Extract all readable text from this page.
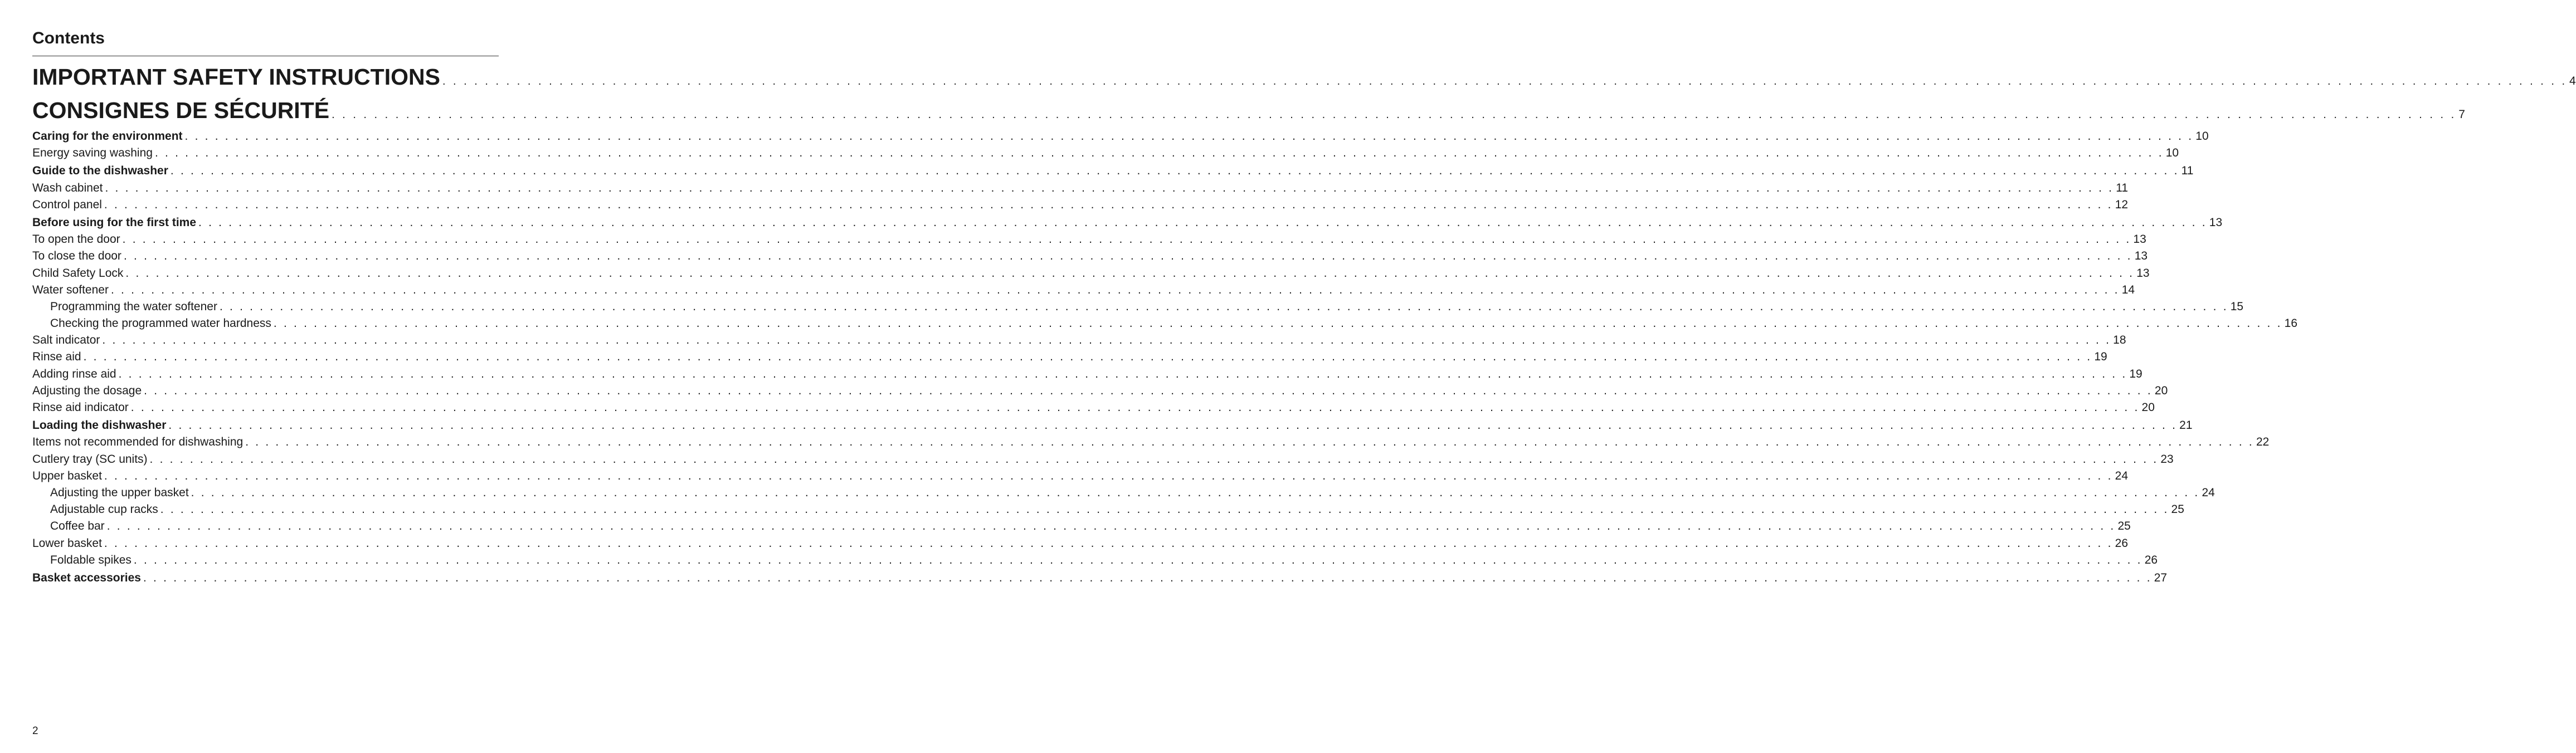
Contents
IMPORTANT SAFETY INSTRUCTIONS . . . . . . . . . . . . . . . . . . . . . . . . . . . . . . . . . . . . . . . . . . . . . . . . . . . . . . . . . . . . . . . . . . . . . . . . . . . . . . . . . . . . . . . . . . . . . . . . . . . . . . . . . . . . . . . . . . . . . . . . . . . . . . . . . . . . . . . . . . . . . . . . . . . . . . . . . . . . . . . . . . . . . . . . . . . . . . . . . . . . . . . . . . . . . . . . . . . . . . . . 4
CONSIGNES DE SÉCURITÉ . . . . . . . . . . . . . . . . . . . . . . . . . . . . . . . . . . . . . . . . . . . . . . . . . . . . . . . . . . . . . . . . . . . . . . . . . . . . . . . . . . . . . . . . . . . . . . . . . . . . . . . . . . . . . . . . . . . . . . . . . . . . . . . . . . . . . . . . . . . . . . . . . . . . . . . . . . . . . . . . . . . . . . . . . . . . . . . . . . . . . . . . . . . . . . . . . . . . . . . . 7
Caring for the environment . . . . . . . . . . . . . . . . . . . . . . . . . . . . . . . . . . . . . . . . . . . . . . . . . . . . . . . . . . . . . . . . . . . . . . . . . . . . . . . . . . . . . . . . . . . . . . . . . . . . . . . . . . . . . . . . . . . . . . . . . . . . . . . . . . . . . . . . . . . . . . . . . . . . . . . . . . . . . . . . . . . . . . . . . . . . . . . . . . . . . . . . . . . . . . . . . . . . . . . . 10
Energy saving washing . . . . . . . . . . . . . . . . . . . . . . . . . . . . . . . . . . . . . . . . . . . . . . . . . . . . . . . . . . . . . . . . . . . . . . . . . . . . . . . . . . . . . . . . . . . . . . . . . . . . . . . . . . . . . . . . . . . . . . . . . . . . . . . . . . . . . . . . . . . . . . . . . . . . . . . . . . . . . . . . . . . . . . . . . . . . . . . . . . . . . . . . . . . . . . . . . . . . . . . . 10
Guide to the dishwasher . . . . . . . . . . . . . . . . . . . . . . . . . . . . . . . . . . . . . . . . . . . . . . . . . . . . . . . . . . . . . . . . . . . . . . . . . . . . . . . . . . . . . . . . . . . . . . . . . . . . . . . . . . . . . . . . . . . . . . . . . . . . . . . . . . . . . . . . . . . . . . . . . . . . . . . . . . . . . . . . . . . . . . . . . . . . . . . . . . . . . . . . . . . . . . . . . . . . . . . . 11
Wash cabinet . . . . . . . . . . . . . . . . . . . . . . . . . . . . . . . . . . . . . . . . . . . . . . . . . . . . . . . . . . . . . . . . . . . . . . . . . . . . . . . . . . . . . . . . . . . . . . . . . . . . . . . . . . . . . . . . . . . . . . . . . . . . . . . . . . . . . . . . . . . . . . . . . . . . . . . . . . . . . . . . . . . . . . . . . . . . . . . . . . . . . . . . . . . . . . . . . . . . . . . . 11
Control panel . . . . . . . . . . . . . . . . . . . . . . . . . . . . . . . . . . . . . . . . . . . . . . . . . . . . . . . . . . . . . . . . . . . . . . . . . . . . . . . . . . . . . . . . . . . . . . . . . . . . . . . . . . . . . . . . . . . . . . . . . . . . . . . . . . . . . . . . . . . . . . . . . . . . . . . . . . . . . . . . . . . . . . . . . . . . . . . . . . . . . . . . . . . . . . . . . . . . . . . . 12
Before using for the first time . . . . . . . . . . . . . . . . . . . . . . . . . . . . . . . . . . . . . . . . . . . . . . . . . . . . . . . . . . . . . . . . . . . . . . . . . . . . . . . . . . . . . . . . . . . . . . . . . . . . . . . . . . . . . . . . . . . . . . . . . . . . . . . . . . . . . . . . . . . . . . . . . . . . . . . . . . . . . . . . . . . . . . . . . . . . . . . . . . . . . . . . . . . . . . . . . . . . . . . . 13
To open the door . . . . . . . . . . . . . . . . . . . . . . . . . . . . . . . . . . . . . . . . . . . . . . . . . . . . . . . . . . . . . . . . . . . . . . . . . . . . . . . . . . . . . . . . . . . . . . . . . . . . . . . . . . . . . . . . . . . . . . . . . . . . . . . . . . . . . . . . . . . . . . . . . . . . . . . . . . . . . . . . . . . . . . . . . . . . . . . . . . . . . . . . . . . . . . . . . . . . . . . . 13
To close the door . . . . . . . . . . . . . . . . . . . . . . . . . . . . . . . . . . . . . . . . . . . . . . . . . . . . . . . . . . . . . . . . . . . . . . . . . . . . . . . . . . . . . . . . . . . . . . . . . . . . . . . . . . . . . . . . . . . . . . . . . . . . . . . . . . . . . . . . . . . . . . . . . . . . . . . . . . . . . . . . . . . . . . . . . . . . . . . . . . . . . . . . . . . . . . . . . . . . . . . . 13
Child Safety Lock . . . . . . . . . . . . . . . . . . . . . . . . . . . . . . . . . . . . . . . . . . . . . . . . . . . . . . . . . . . . . . . . . . . . . . . . . . . . . . . . . . . . . . . . . . . . . . . . . . . . . . . . . . . . . . . . . . . . . . . . . . . . . . . . . . . . . . . . . . . . . . . . . . . . . . . . . . . . . . . . . . . . . . . . . . . . . . . . . . . . . . . . . . . . . . . . . . . . . . . . 13
Water softener . . . . . . . . . . . . . . . . . . . . . . . . . . . . . . . . . . . . . . . . . . . . . . . . . . . . . . . . . . . . . . . . . . . . . . . . . . . . . . . . . . . . . . . . . . . . . . . . . . . . . . . . . . . . . . . . . . . . . . . . . . . . . . . . . . . . . . . . . . . . . . . . . . . . . . . . . . . . . . . . . . . . . . . . . . . . . . . . . . . . . . . . . . . . . . . . . . . . . . . . 14
Programming the water softener . . . . . . . . . . . . . . . . . . . . . . . . . . . . . . . . . . . . . . . . . . . . . . . . . . . . . . . . . . . . . . . . . . . . . . . . . . . . . . . . . . . . . . . . . . . . . . . . . . . . . . . . . . . . . . . . . . . . . . . . . . . . . . . . . . . . . . . . . . . . . . . . . . . . . . . . . . . . . . . . . . . . . . . . . . . . . . . . . . . . . . . . . . . . . . . . . . . . . . . . 15
Checking the programmed water hardness . . . . . . . . . . . . . . . . . . . . . . . . . . . . . . . . . . . . . . . . . . . . . . . . . . . . . . . . . . . . . . . . . . . . . . . . . . . . . . . . . . . . . . . . . . . . . . . . . . . . . . . . . . . . . . . . . . . . . . . . . . . . . . . . . . . . . . . . . . . . . . . . . . . . . . . . . . . . . . . . . . . . . . . . . . . . . . . . . . . . . . . . . . . . . . . . . . . . . . . . 16
Salt indicator . . . . . . . . . . . . . . . . . . . . . . . . . . . . . . . . . . . . . . . . . . . . . . . . . . . . . . . . . . . . . . . . . . . . . . . . . . . . . . . . . . . . . . . . . . . . . . . . . . . . . . . . . . . . . . . . . . . . . . . . . . . . . . . . . . . . . . . . . . . . . . . . . . . . . . . . . . . . . . . . . . . . . . . . . . . . . . . . . . . . . . . . . . . . . . . . . . . . . . . . 18
Rinse aid . . . . . . . . . . . . . . . . . . . . . . . . . . . . . . . . . . . . . . . . . . . . . . . . . . . . . . . . . . . . . . . . . . . . . . . . . . . . . . . . . . . . . . . . . . . . . . . . . . . . . . . . . . . . . . . . . . . . . . . . . . . . . . . . . . . . . . . . . . . . . . . . . . . . . . . . . . . . . . . . . . . . . . . . . . . . . . . . . . . . . . . . . . . . . . . . . . . . . . . . 19
Adding rinse aid . . . . . . . . . . . . . . . . . . . . . . . . . . . . . . . . . . . . . . . . . . . . . . . . . . . . . . . . . . . . . . . . . . . . . . . . . . . . . . . . . . . . . . . . . . . . . . . . . . . . . . . . . . . . . . . . . . . . . . . . . . . . . . . . . . . . . . . . . . . . . . . . . . . . . . . . . . . . . . . . . . . . . . . . . . . . . . . . . . . . . . . . . . . . . . . . . . . . . . . . 19
Adjusting the dosage . . . . . . . . . . . . . . . . . . . . . . . . . . . . . . . . . . . . . . . . . . . . . . . . . . . . . . . . . . . . . . . . . . . . . . . . . . . . . . . . . . . . . . . . . . . . . . . . . . . . . . . . . . . . . . . . . . . . . . . . . . . . . . . . . . . . . . . . . . . . . . . . . . . . . . . . . . . . . . . . . . . . . . . . . . . . . . . . . . . . . . . . . . . . . . . . . . . . . . . . 20
Rinse aid indicator . . . . . . . . . . . . . . . . . . . . . . . . . . . . . . . . . . . . . . . . . . . . . . . . . . . . . . . . . . . . . . . . . . . . . . . . . . . . . . . . . . . . . . . . . . . . . . . . . . . . . . . . . . . . . . . . . . . . . . . . . . . . . . . . . . . . . . . . . . . . . . . . . . . . . . . . . . . . . . . . . . . . . . . . . . . . . . . . . . . . . . . . . . . . . . . . . . . . . . . . 20
Loading the dishwasher . . . . . . . . . . . . . . . . . . . . . . . . . . . . . . . . . . . . . . . . . . . . . . . . . . . . . . . . . . . . . . . . . . . . . . . . . . . . . . . . . . . . . . . . . . . . . . . . . . . . . . . . . . . . . . . . . . . . . . . . . . . . . . . . . . . . . . . . . . . . . . . . . . . . . . . . . . . . . . . . . . . . . . . . . . . . . . . . . . . . . . . . . . . . . . . . . . . . . . . . 21
Items not recommended for dishwashing . . . . . . . . . . . . . . . . . . . . . . . . . . . . . . . . . . . . . . . . . . . . . . . . . . . . . . . . . . . . . . . . . . . . . . . . . . . . . . . . . . . . . . . . . . . . . . . . . . . . . . . . . . . . . . . . . . . . . . . . . . . . . . . . . . . . . . . . . . . . . . . . . . . . . . . . . . . . . . . . . . . . . . . . . . . . . . . . . . . . . . . . . . . . . . . . . . . . . . . . 22
Cutlery tray (SC units) . . . . . . . . . . . . . . . . . . . . . . . . . . . . . . . . . . . . . . . . . . . . . . . . . . . . . . . . . . . . . . . . . . . . . . . . . . . . . . . . . . . . . . . . . . . . . . . . . . . . . . . . . . . . . . . . . . . . . . . . . . . . . . . . . . . . . . . . . . . . . . . . . . . . . . . . . . . . . . . . . . . . . . . . . . . . . . . . . . . . . . . . . . . . . . . . . . . . . . . . 23
Upper basket . . . . . . . . . . . . . . . . . . . . . . . . . . . . . . . . . . . . . . . . . . . . . . . . . . . . . . . . . . . . . . . . . . . . . . . . . . . . . . . . . . . . . . . . . . . . . . . . . . . . . . . . . . . . . . . . . . . . . . . . . . . . . . . . . . . . . . . . . . . . . . . . . . . . . . . . . . . . . . . . . . . . . . . . . . . . . . . . . . . . . . . . . . . . . . . . . . . . . . . . 24
Adjusting the upper basket . . . . . . . . . . . . . . . . . . . . . . . . . . . . . . . . . . . . . . . . . . . . . . . . . . . . . . . . . . . . . . . . . . . . . . . . . . . . . . . . . . . . . . . . . . . . . . . . . . . . . . . . . . . . . . . . . . . . . . . . . . . . . . . . . . . . . . . . . . . . . . . . . . . . . . . . . . . . . . . . . . . . . . . . . . . . . . . . . . . . . . . . . . . . . . . . . . . . . . . . 24
Adjustable cup racks . . . . . . . . . . . . . . . . . . . . . . . . . . . . . . . . . . . . . . . . . . . . . . . . . . . . . . . . . . . . . . . . . . . . . . . . . . . . . . . . . . . . . . . . . . . . . . . . . . . . . . . . . . . . . . . . . . . . . . . . . . . . . . . . . . . . . . . . . . . . . . . . . . . . . . . . . . . . . . . . . . . . . . . . . . . . . . . . . . . . . . . . . . . . . . . . . . . . . . . . 25
Coffee bar . . . . . . . . . . . . . . . . . . . . . . . . . . . . . . . . . . . . . . . . . . . . . . . . . . . . . . . . . . . . . . . . . . . . . . . . . . . . . . . . . . . . . . . . . . . . . . . . . . . . . . . . . . . . . . . . . . . . . . . . . . . . . . . . . . . . . . . . . . . . . . . . . . . . . . . . . . . . . . . . . . . . . . . . . . . . . . . . . . . . . . . . . . . . . . . . . . . . . . . . 25
Lower basket . . . . . . . . . . . . . . . . . . . . . . . . . . . . . . . . . . . . . . . . . . . . . . . . . . . . . . . . . . . . . . . . . . . . . . . . . . . . . . . . . . . . . . . . . . . . . . . . . . . . . . . . . . . . . . . . . . . . . . . . . . . . . . . . . . . . . . . . . . . . . . . . . . . . . . . . . . . . . . . . . . . . . . . . . . . . . . . . . . . . . . . . . . . . . . . . . . . . . . . . 26
Foldable spikes . . . . . . . . . . . . . . . . . . . . . . . . . . . . . . . . . . . . . . . . . . . . . . . . . . . . . . . . . . . . . . . . . . . . . . . . . . . . . . . . . . . . . . . . . . . . . . . . . . . . . . . . . . . . . . . . . . . . . . . . . . . . . . . . . . . . . . . . . . . . . . . . . . . . . . . . . . . . . . . . . . . . . . . . . . . . . . . . . . . . . . . . . . . . . . . . . . . . . . . . 26
Basket accessories . . . . . . . . . . . . . . . . . . . . . . . . . . . . . . . . . . . . . . . . . . . . . . . . . . . . . . . . . . . . . . . . . . . . . . . . . . . . . . . . . . . . . . . . . . . . . . . . . . . . . . . . . . . . . . . . . . . . . . . . . . . . . . . . . . . . . . . . . . . . . . . . . . . . . . . . . . . . . . . . . . . . . . . . . . . . . . . . . . . . . . . . . . . . . . . . . . . . . . . . 27
2
